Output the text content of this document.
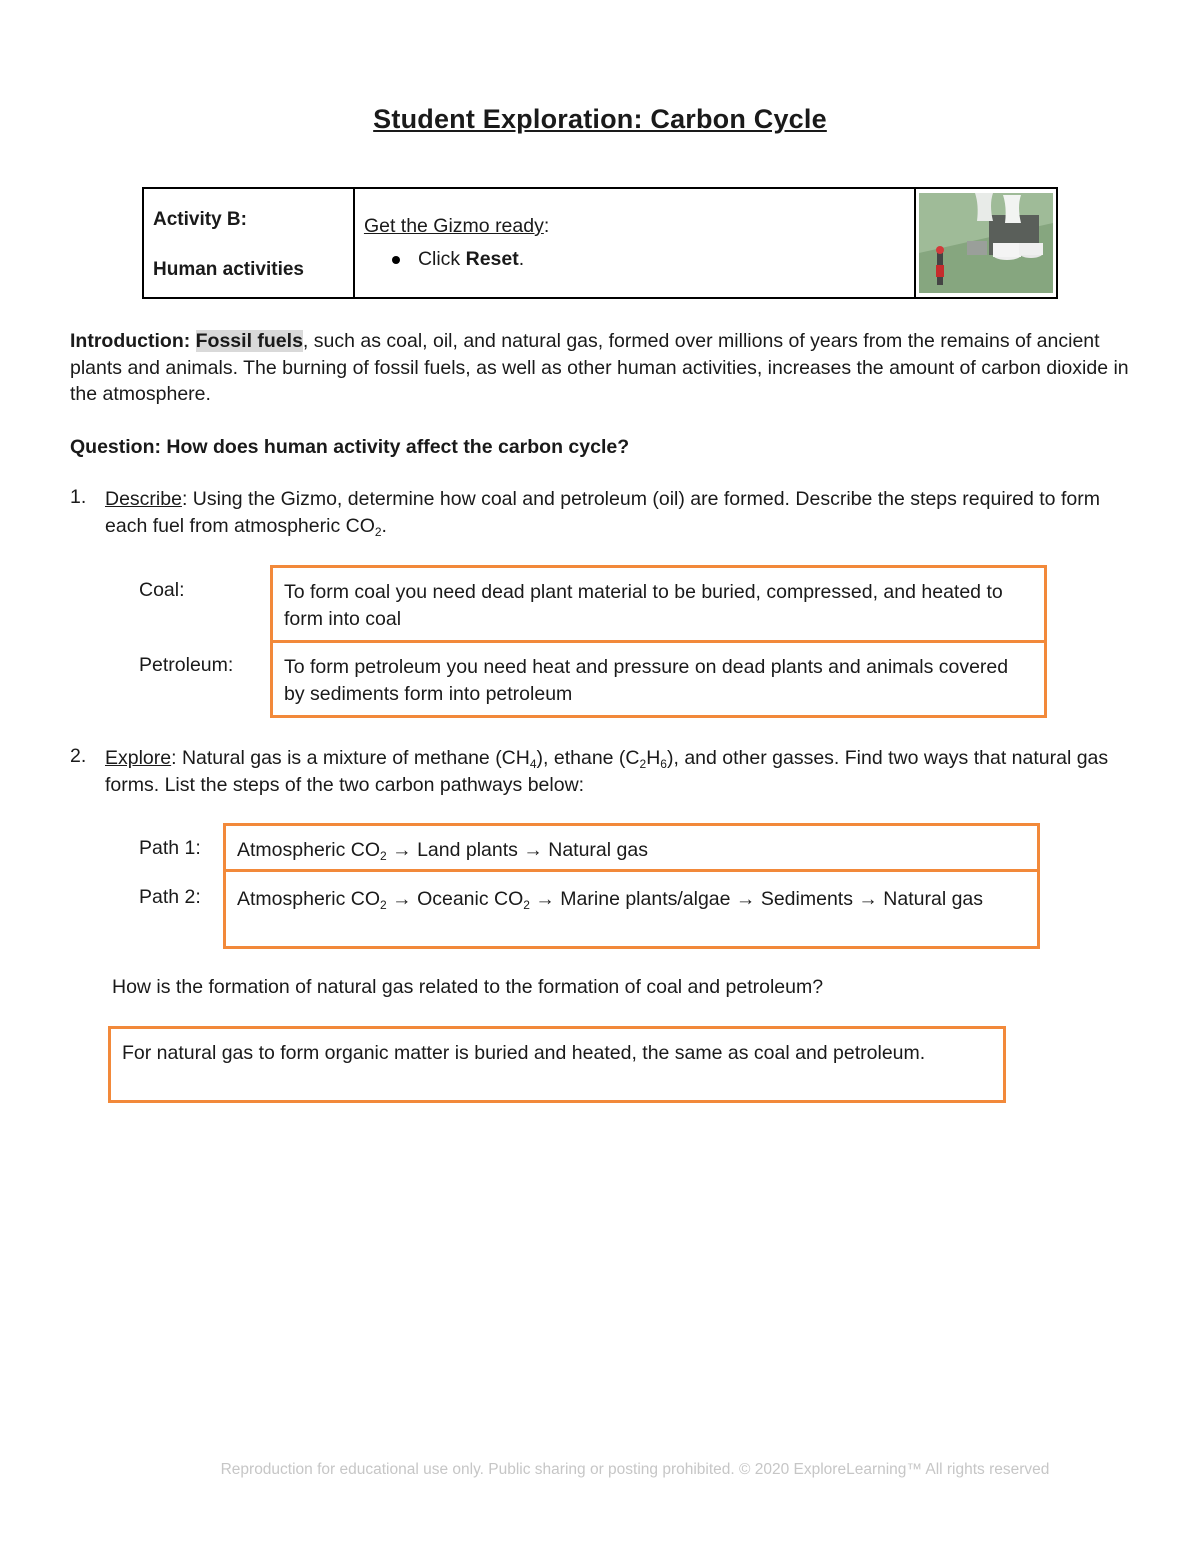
Student Exploration: Carbon Cycle
Activity B:
Human activities
Get the Gizmo ready:
Click Reset.
Introduction: Fossil fuels, such as coal, oil, and natural gas, formed over millions of years from the remains of ancient plants and animals. The burning of fossil fuels, as well as other human activities, increases the amount of carbon dioxide in the atmosphere.
Question: How does human activity affect the carbon cycle?
1. Describe: Using the Gizmo, determine how coal and petroleum (oil) are formed. Describe the steps required to form each fuel from atmospheric $CO_2$.
Coal:
Petroleum:
To form coal you need dead plant material to be buried, compressed, and heated to form into coal
To form petroleum you need heat and pressure on dead plants and animals covered by sediments form into petroleum
2. Explore: Natural gas is a mixture of methane $(CH_4)$, ethane $(C_2H_6)$, and other gasses. Find two ways that natural gas forms. List the steps of the two carbon pathways below:
Path 1:
Path 2:
Atmospheric $CO_2$ → Land plants → Natural gas
Atmospheric $CO_2$ → Oceanic $CO_2$ → Marine plants/algae → Sediments → Natural gas
How is the formation of natural gas related to the formation of coal and petroleum?
For natural gas to form organic matter is buried and heated, the same as coal and petroleum.
Reproduction for educational use only. Public sharing or posting prohibited. © 2020 ExploreLearning™ All rights reserved
